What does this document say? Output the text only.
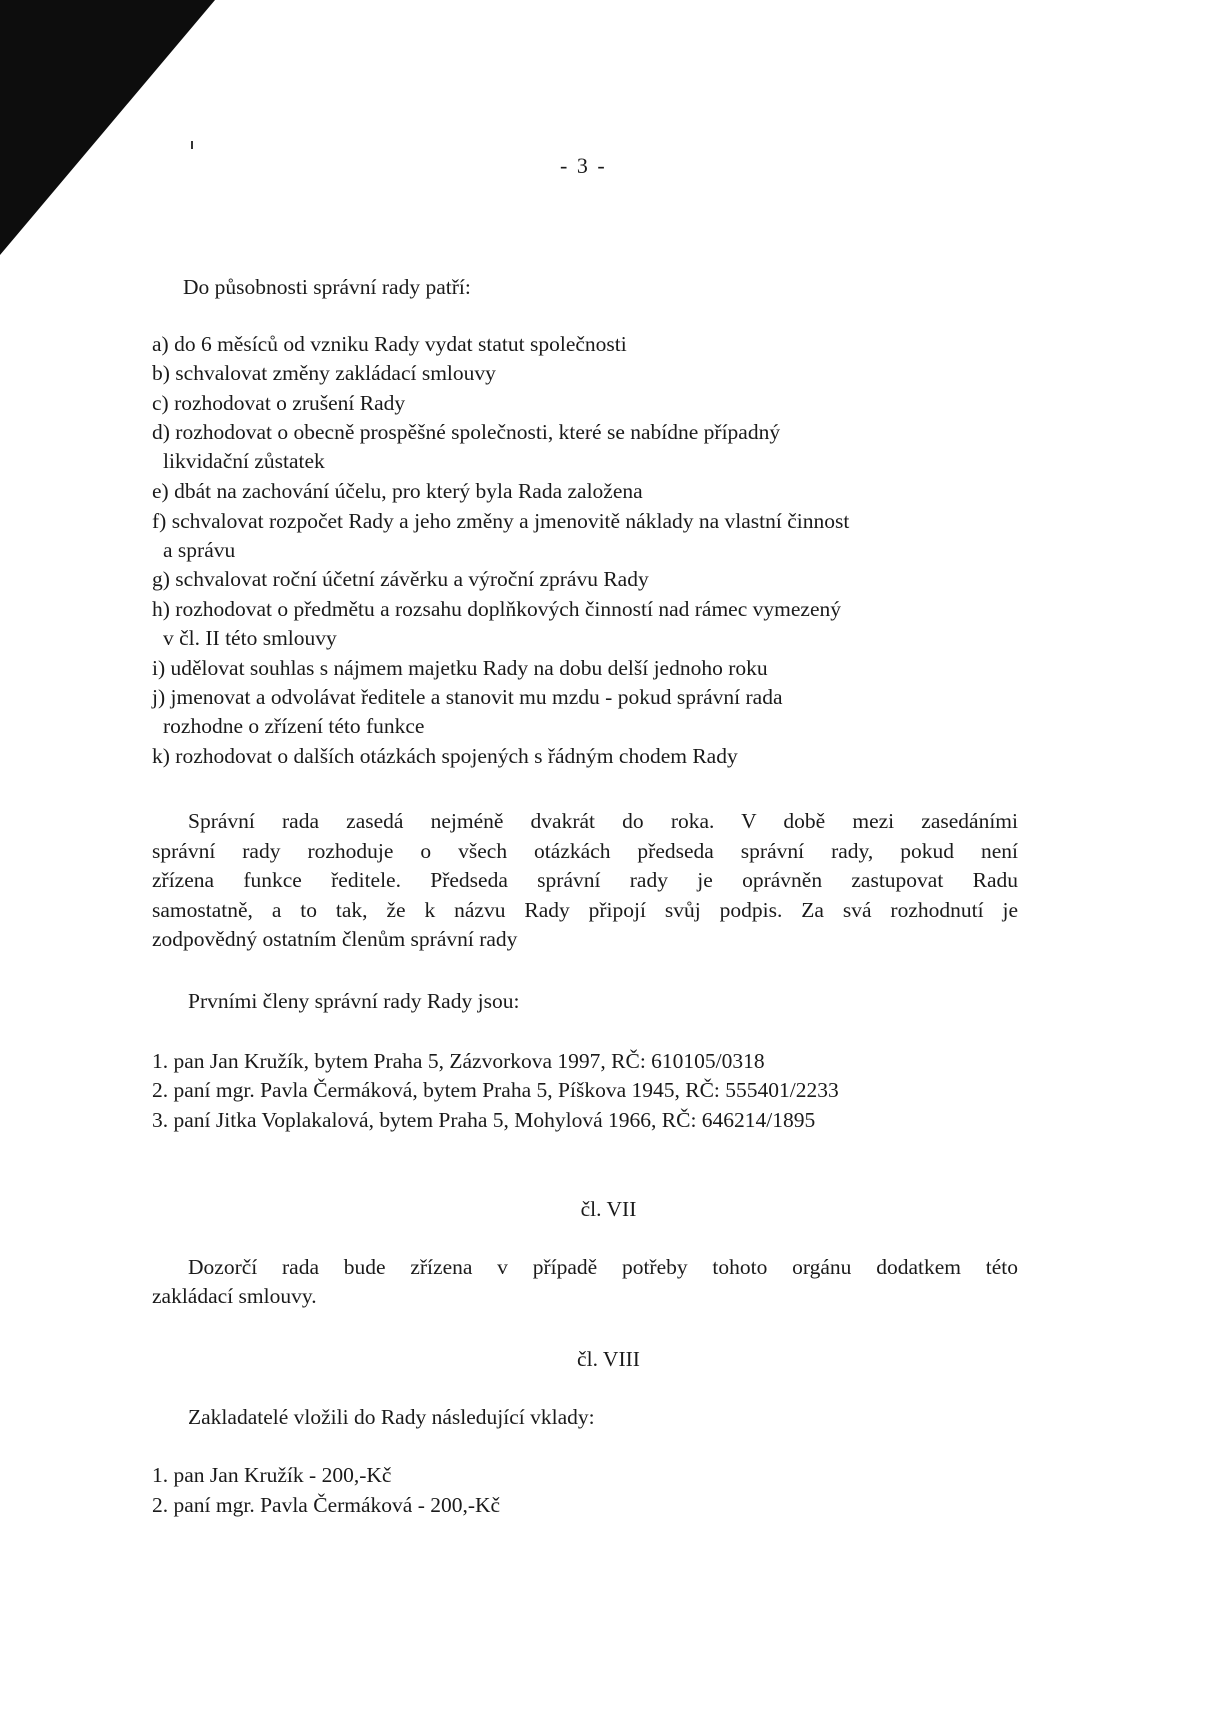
- 3 -
Do působnosti správní rady patří:
a) do 6 měsíců od vzniku Rady vydat statut společnosti
b) schvalovat změny zakládací smlouvy
c) rozhodovat o zrušení Rady
d) rozhodovat o obecně prospěšné společnosti, které se nabídne případný
likvidační zůstatek
e) dbát na zachování účelu, pro který byla Rada založena
f) schvalovat rozpočet Rady a jeho změny a jmenovitě náklady na vlastní činnost
a správu
g) schvalovat roční účetní závěrku a výroční zprávu Rady
h) rozhodovat o předmětu a rozsahu doplňkových činností nad rámec vymezený
v čl. II této smlouvy
i) udělovat souhlas s nájmem majetku Rady na dobu delší jednoho roku
j) jmenovat a odvolávat ředitele a stanovit mu mzdu - pokud správní rada
rozhodne o zřízení této funkce
k) rozhodovat o dalších otázkách spojených s řádným chodem Rady
Správní rada zasedá nejméně dvakrát do roka. V době mezi zasedáními
správní rady rozhoduje o všech otázkách předseda správní rady, pokud není
zřízena funkce ředitele. Předseda správní rady je oprávněn zastupovat Radu
samostatně, a to tak, že k názvu Rady připojí svůj podpis. Za svá rozhodnutí je
zodpovědný ostatním členům správní rady
Prvními členy správní rady Rady jsou:
1. pan Jan Kružík, bytem Praha 5, Zázvorkova 1997, RČ: 610105/0318
2. paní mgr. Pavla Čermáková, bytem Praha 5, Píškova 1945, RČ: 555401/2233
3. paní Jitka Voplakalová, bytem Praha 5, Mohylová 1966, RČ: 646214/1895
čl. VII
Dozorčí rada bude zřízena v případě potřeby tohoto orgánu dodatkem této
zakládací smlouvy.
čl. VIII
Zakladatelé vložili do Rady následující vklady:
1. pan Jan Kružík - 200,-Kč
2. paní mgr. Pavla Čermáková - 200,-Kč
